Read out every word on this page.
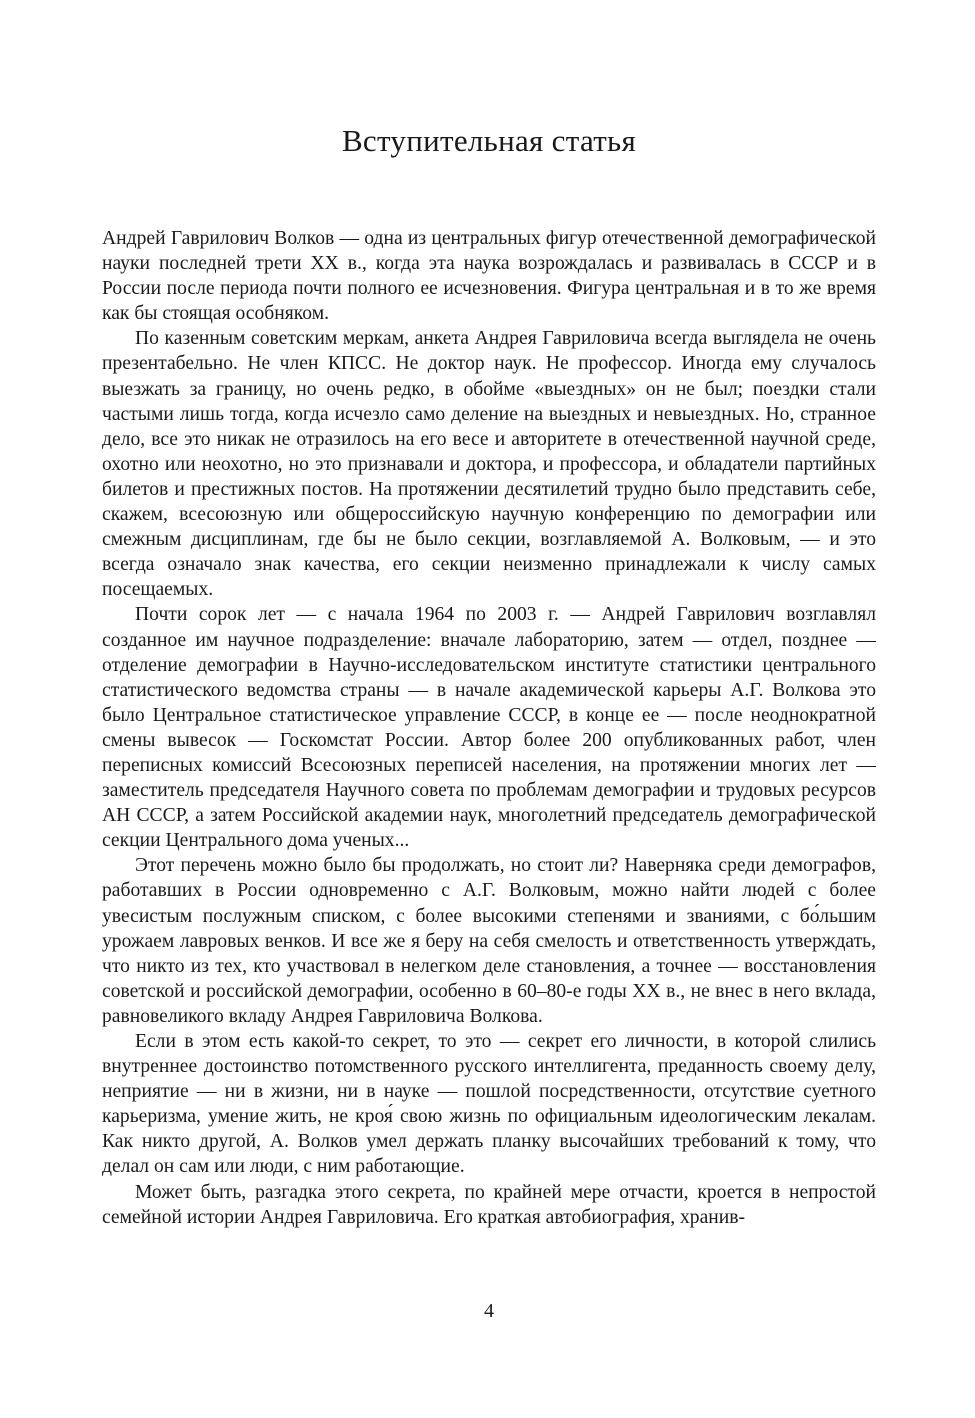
Вступительная статья

Андрей Гаврилович Волков — одна из центральных фигур отечественной демографической науки последней трети XX в., когда эта наука возрождалась и развивалась в СССР и в России после периода почти полного ее исчезновения. Фигура центральная и в то же время как бы стоящая особняком.

По казенным советским меркам, анкета Андрея Гавриловича всегда выглядела не очень презентабельно. Не член КПСС. Не доктор наук. Не профессор. Иногда ему случалось выезжать за границу, но очень редко, в обойме «выездных» он не был; поездки стали частыми лишь тогда, когда исчезло само деление на выездных и невыездных. Но, странное дело, все это никак не отразилось на его весе и авторитете в отечественной научной среде, охотно или неохотно, но это признавали и доктора, и профессора, и обладатели партийных билетов и престижных постов. На протяжении десятилетий трудно было представить себе, скажем, всесоюзную или общероссийскую научную конференцию по демографии или смежным дисциплинам, где бы не было секции, возглавляемой А. Волковым, — и это всегда означало знак качества, его секции неизменно принадлежали к числу самых посещаемых.

Почти сорок лет — с начала 1964 по 2003 г. — Андрей Гаврилович возглавлял созданное им научное подразделение: вначале лабораторию, затем — отдел, позднее — отделение демографии в Научно-исследовательском институте статистики центрального статистического ведомства страны — в начале академической карьеры А.Г. Волкова это было Центральное статистическое управление СССР, в конце ее — после неоднократной смены вывесок — Госкомстат России. Автор более 200 опубликованных работ, член переписных комиссий Всесоюзных переписей населения, на протяжении многих лет — заместитель председателя Научного совета по проблемам демографии и трудовых ресурсов АН СССР, а затем Российской академии наук, многолетний председатель демографической секции Центрального дома ученых...

Этот перечень можно было бы продолжать, но стоит ли? Наверняка среди демографов, работавших в России одновременно с А.Г. Волковым, можно найти людей с более увесистым послужным списком, с более высокими степенями и званиями, с бо́льшим урожаем лавровых венков. И все же я беру на себя смелость и ответственность утверждать, что никто из тех, кто участвовал в нелегком деле становления, а точнее — восстановления советской и российской демографии, особенно в 60–80-е годы XX в., не внес в него вклада, равновеликого вкладу Андрея Гавриловича Волкова.

Если в этом есть какой-то секрет, то это — секрет его личности, в которой слились внутреннее достоинство потомственного русского интеллигента, преданность своему делу, неприятие — ни в жизни, ни в науке — пошлой посредственности, отсутствие суетного карьеризма, умение жить, не кроя́ свою жизнь по официальным идеологическим лекалам. Как никто другой, А. Волков умел держать планку высочайших требований к тому, что делал он сам или люди, с ним работающие.

Может быть, разгадка этого секрета, по крайней мере отчасти, кроется в непростой семейной истории Андрея Гавриловича. Его краткая автобиография, хранив-

4
